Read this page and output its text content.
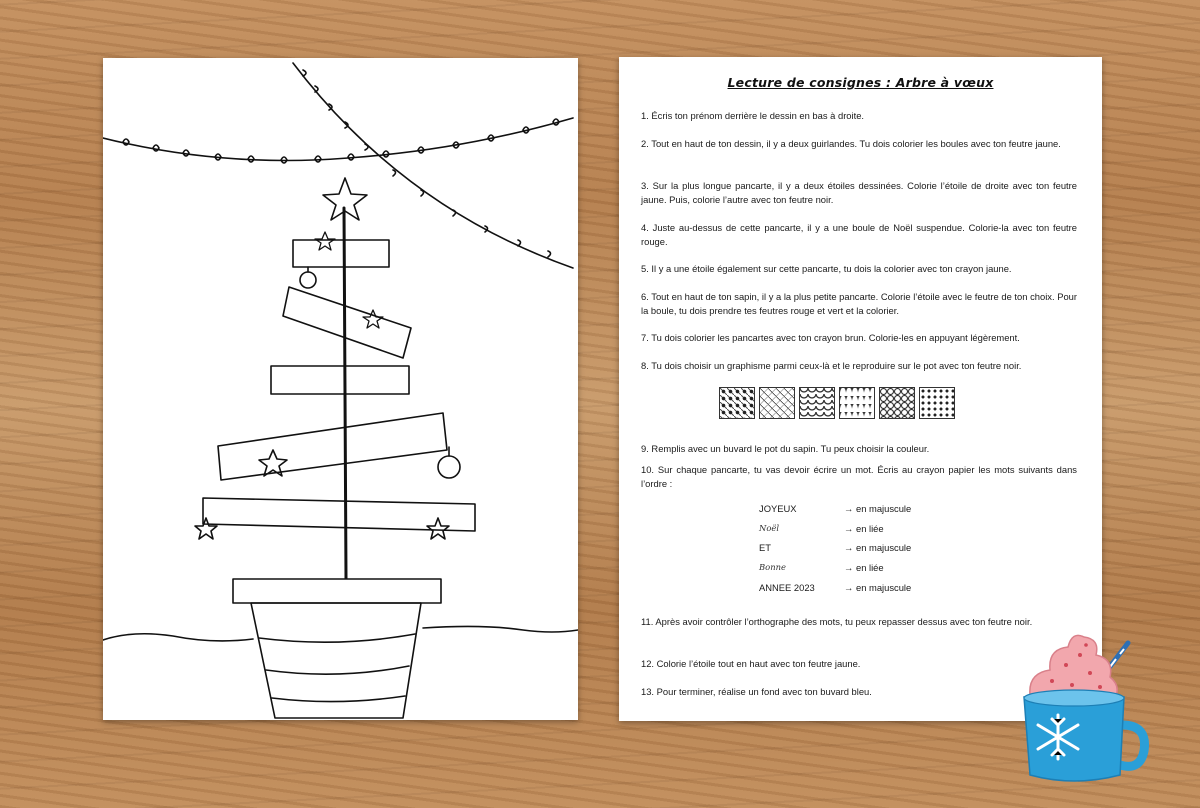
Lecture de consignes : Arbre à vœux
1. Écris ton prénom derrière le dessin en bas à droite.
2. Tout en haut de ton dessin, il y a deux guirlandes. Tu dois colorier les boules avec ton feutre jaune.
3. Sur la plus longue pancarte, il y a deux étoiles dessinées. Colorie l’étoile de droite avec ton feutre jaune. Puis, colorie l’autre avec ton feutre noir.
4. Juste au-dessus de cette pancarte, il y a une boule de Noël suspendue. Colorie-la avec ton feutre rouge.
5. Il y a une étoile également sur cette pancarte, tu dois la colorier avec ton crayon jaune.
6. Tout en haut de ton sapin, il y a la plus petite pancarte. Colorie l’étoile avec le feutre de ton choix. Pour la boule, tu dois prendre tes feutres rouge et vert et la colorier.
7. Tu dois colorier les pancartes avec ton crayon brun. Colorie-les en appuyant légèrement.
8. Tu dois choisir un graphisme parmi ceux-là et le reproduire sur le pot avec ton feutre noir.
9. Remplis avec un buvard le pot du sapin. Tu peux choisir la couleur.
10. Sur chaque pancarte, tu vas devoir écrire un mot. Écris au crayon papier les mots suivants dans l’ordre :
JOYEUX	→ en majuscule
Noël	→ en liée
ET	→ en majuscule
Bonne	→ en liée
ANNEE 2023	→ en majuscule
11. Après avoir contrôler l’orthographe des mots, tu peux repasser dessus avec ton feutre noir.
12. Colorie l’étoile tout en haut avec ton feutre jaune.
13. Pour terminer, réalise un fond avec ton buvard bleu.
